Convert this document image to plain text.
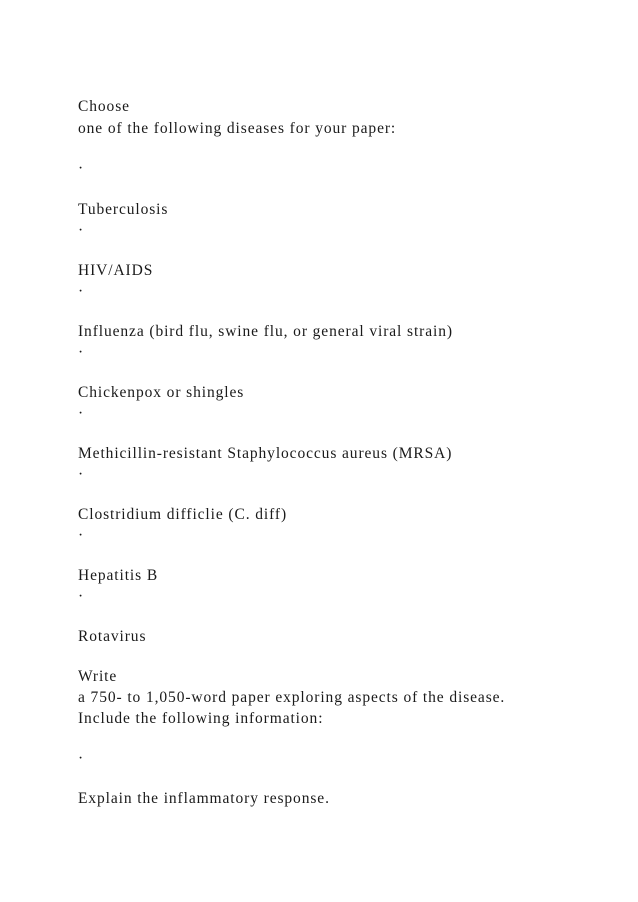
Choose
one of the following diseases for your paper:
·
Tuberculosis
·
HIV/AIDS
·
Influenza (bird flu, swine flu, or general viral strain)
·
Chickenpox or shingles
·
Methicillin-resistant Staphylococcus aureus (MRSA)
·
Clostridium difficlie (C. diff)
·
Hepatitis B
·
Rotavirus
Write
a 750- to 1,050-word paper exploring aspects of the disease.
Include the following information:
·
Explain the inflammatory response.
